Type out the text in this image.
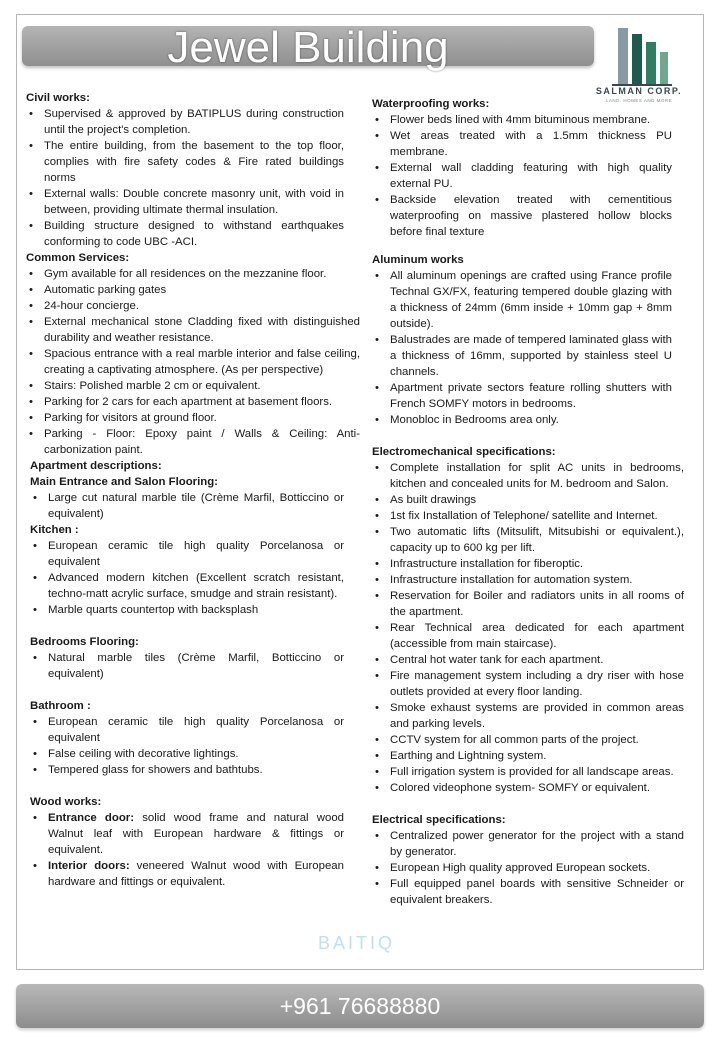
Jewel Building
SALMAN CORP.
LAND. HOMES AND MORE
Civil works:
• Supervised & approved by BATIPLUS during construction until the project's completion.
• The entire building, from the basement to the top floor, complies with fire safety codes & Fire rated buildings norms
• External walls: Double concrete masonry unit, with void in between, providing ultimate thermal insulation.
• Building structure designed to withstand earthquakes conforming to code UBC -ACI.
Common Services:
• Gym available for all residences on the mezzanine floor.
• Automatic parking gates
• 24-hour concierge.
• External mechanical stone Cladding fixed with distinguished durability and weather resistance.
• Spacious entrance with a real marble interior and false ceiling, creating a captivating atmosphere. (As per perspective)
• Stairs: Polished marble 2 cm or equivalent.
• Parking for 2 cars for each apartment at basement floors.
• Parking for visitors at ground floor.
• Parking - Floor: Epoxy paint / Walls & Ceiling: Anti-carbonization paint.
Apartment descriptions:
Main Entrance and Salon Flooring:
• Large cut natural marble tile (Crème Marfil, Botticcino or equivalent)
Kitchen :
• European ceramic tile high quality Porcelanosa or equivalent
• Advanced modern kitchen (Excellent scratch resistant, techno-matt acrylic surface, smudge and strain resistant).
• Marble quarts countertop with backsplash
Bedrooms Flooring:
• Natural marble tiles (Crème Marfil, Botticcino or equivalent)
Bathroom :
• European ceramic tile high quality Porcelanosa or equivalent
• False ceiling with decorative lightings.
• Tempered glass for showers and bathtubs.
Wood works:
• Entrance door: solid wood frame and natural wood Walnut leaf with European hardware & fittings or equivalent.
• Interior doors: veneered Walnut wood with European hardware and fittings or equivalent.
Waterproofing works:
• Flower beds lined with 4mm bituminous membrane.
• Wet areas treated with a 1.5mm thickness PU membrane.
• External wall cladding featuring with high quality external PU.
• Backside elevation treated with cementitious waterproofing on massive plastered hollow blocks before final texture
Aluminum works
• All aluminum openings are crafted using France profile Technal GX/FX, featuring tempered double glazing with a thickness of 24mm (6mm inside + 10mm gap + 8mm outside).
• Balustrades are made of tempered laminated glass with a thickness of 16mm, supported by stainless steel U channels.
• Apartment private sectors feature rolling shutters with French SOMFY motors in bedrooms.
• Monobloc in Bedrooms area only.
Electromechanical specifications:
• Complete installation for split AC units in bedrooms, kitchen and concealed units for M. bedroom and Salon.
• As built drawings
• 1st fix Installation of Telephone/ satellite and Internet.
• Two automatic lifts (Mitsulift, Mitsubishi or equivalent.), capacity up to 600 kg per lift.
• Infrastructure installation for fiberoptic.
• Infrastructure installation for automation system.
• Reservation for Boiler and radiators units in all rooms of the apartment.
• Rear Technical area dedicated for each apartment (accessible from main staircase).
• Central hot water tank for each apartment.
• Fire management system including a dry riser with hose outlets provided at every floor landing.
• Smoke exhaust systems are provided in common areas and parking levels.
• CCTV system for all common parts of the project.
• Earthing and Lightning system.
• Full irrigation system is provided for all landscape areas.
• Colored videophone system- SOMFY or equivalent.
Electrical specifications:
• Centralized power generator for the project with a stand by generator.
• European High quality approved European sockets.
• Full equipped panel boards with sensitive Schneider or equivalent breakers.
BAITIQ
+961 76688880
